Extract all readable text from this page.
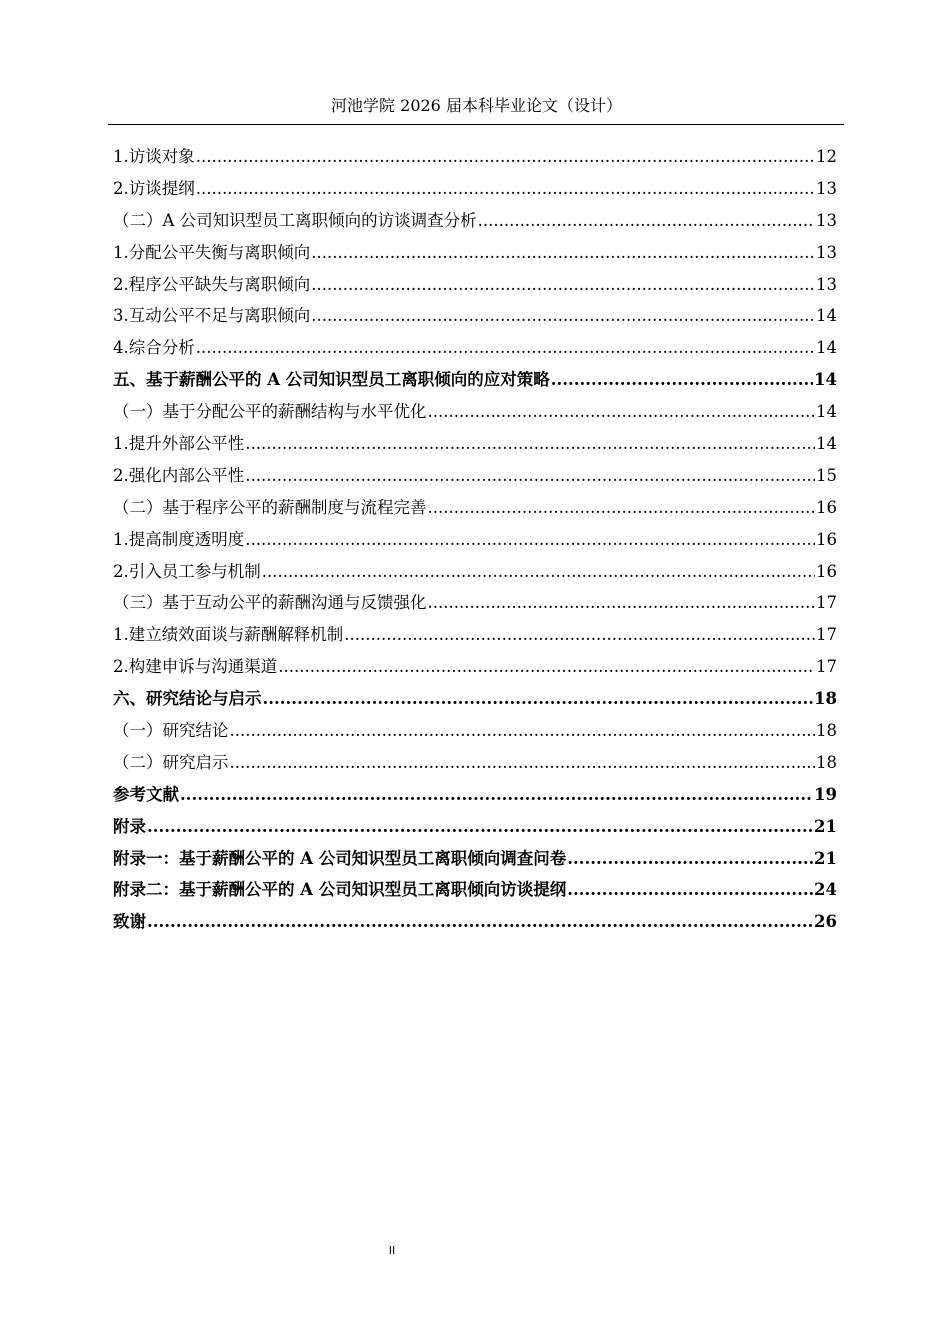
河池学院 2026 届本科毕业论文（设计）
1.访谈对象 .....	12
2.访谈提纲 .....	13
（二）A 公司知识型员工离职倾向的访谈调查分析 .....	13
1.分配公平失衡与离职倾向 .....	13
2.程序公平缺失与离职倾向 .....	13
3.互动公平不足与离职倾向 .....	14
4.综合分析 .....	14
五、基于薪酬公平的 A 公司知识型员工离职倾向的应对策略 .....	14
（一）基于分配公平的薪酬结构与水平优化 .....	14
1.提升外部公平性 .....	14
2.强化内部公平性 .....	15
（二）基于程序公平的薪酬制度与流程完善 .....	16
1.提高制度透明度 .....	16
2.引入员工参与机制 .....	16
（三）基于互动公平的薪酬沟通与反馈强化 .....	17
1.建立绩效面谈与薪酬解释机制 .....	17
2.构建申诉与沟通渠道 .....	17
六、研究结论与启示 .....	18
（一）研究结论 .....	18
（二）研究启示 .....	18
参考文献 .....	19
附录 .....	21
附录一：基于薪酬公平的 A 公司知识型员工离职倾向调查问卷 .....	21
附录二：基于薪酬公平的 A 公司知识型员工离职倾向访谈提纲 .....	24
致谢 .....	26
II
